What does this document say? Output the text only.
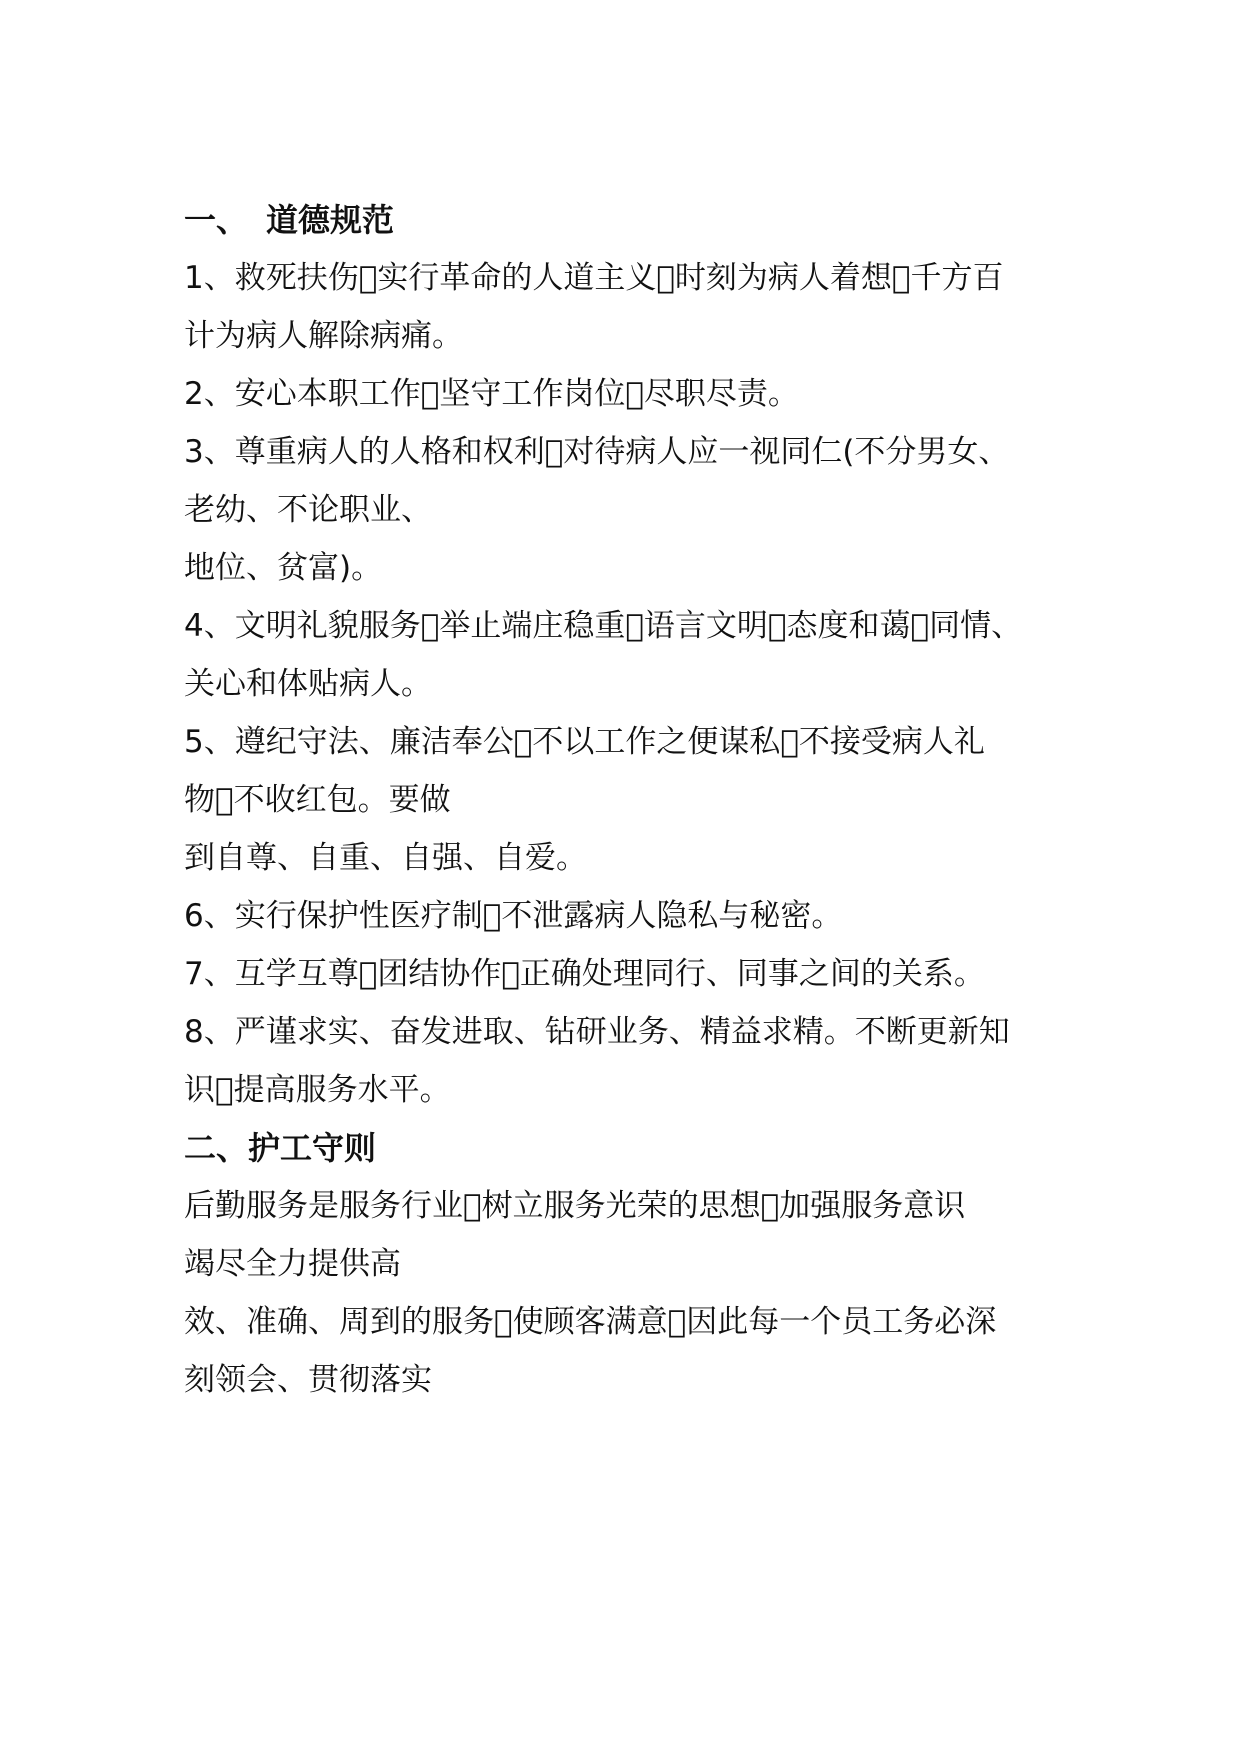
一、 道德规范
1、救死扶伤 实行革命的人道主义 时刻为病人着想 千方百
计为病人解除病痛。
2、安心本职工作 坚守工作岗位 尽职尽责。
3、尊重病人的人格和权利 对待病人应一视同仁(不分男女、
老幼、不论职业、
地位、贫富)。
4、文明礼貌服务 举止端庄稳重 语言文明 态度和蔼 同情、
关心和体贴病人。
5、遵纪守法、廉洁奉公 不以工作之便谋私 不接受病人礼
物 不收红包。要做
到自尊、自重、自强、自爱。
6、实行保护性医疗制 不泄露病人隐私与秘密。
7、互学互尊 团结协作 正确处理同行、同事之间的关系。
8、严谨求实、奋发进取、钻研业务、精益求精。不断更新知
识 提高服务水平。
二、护工守则
后勤服务是服务行业 树立服务光荣的思想 加强服务意识
竭尽全力提供高
效、准确、周到的服务 使顾客满意 因此每一个员工务必深
刻领会、贯彻落实
